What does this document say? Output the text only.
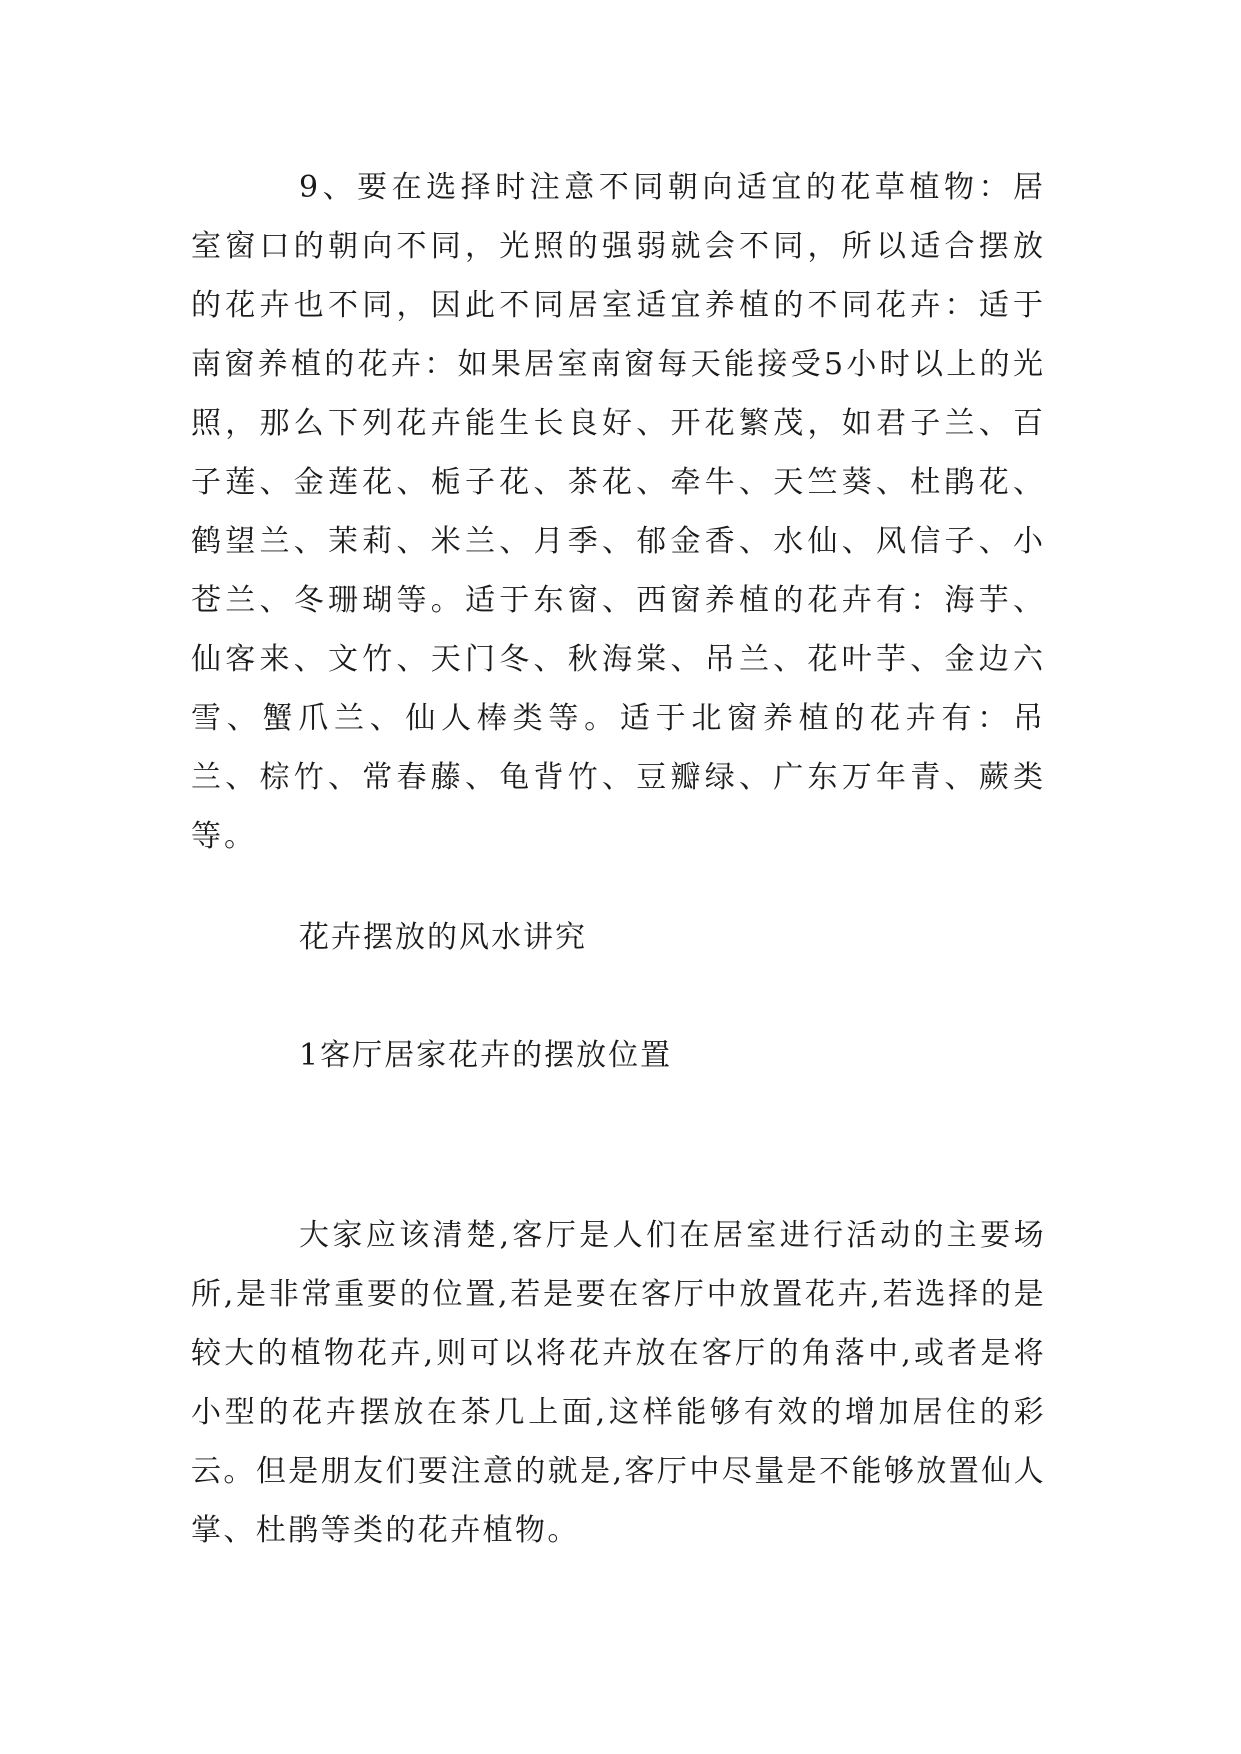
9、要在选择时注意不同朝向适宜的花草植物：居室窗口的朝向不同，光照的强弱就会不同，所以适合摆放的花卉也不同，因此不同居室适宜养植的不同花卉：适于南窗养植的花卉：如果居室南窗每天能接受5小时以上的光照，那么下列花卉能生长良好、开花繁茂，如君子兰、百子莲、金莲花、栀子花、茶花、牵牛、天竺葵、杜鹃花、鹤望兰、茉莉、米兰、月季、郁金香、水仙、风信子、小苍兰、冬珊瑚等。适于东窗、西窗养植的花卉有：海芋、仙客来、文竹、天门冬、秋海棠、吊兰、花叶芋、金边六雪、蟹爪兰、仙人棒类等。适于北窗养植的花卉有：吊兰、棕竹、常春藤、龟背竹、豆瓣绿、广东万年青、蕨类等。

花卉摆放的风水讲究

1客厅居家花卉的摆放位置

大家应该清楚,客厅是人们在居室进行活动的主要场所,是非常重要的位置,若是要在客厅中放置花卉,若选择的是较大的植物花卉,则可以将花卉放在客厅的角落中,或者是将小型的花卉摆放在茶几上面,这样能够有效的增加居住的彩云。但是朋友们要注意的就是,客厅中尽量是不能够放置仙人掌、杜鹃等类的花卉植物。
